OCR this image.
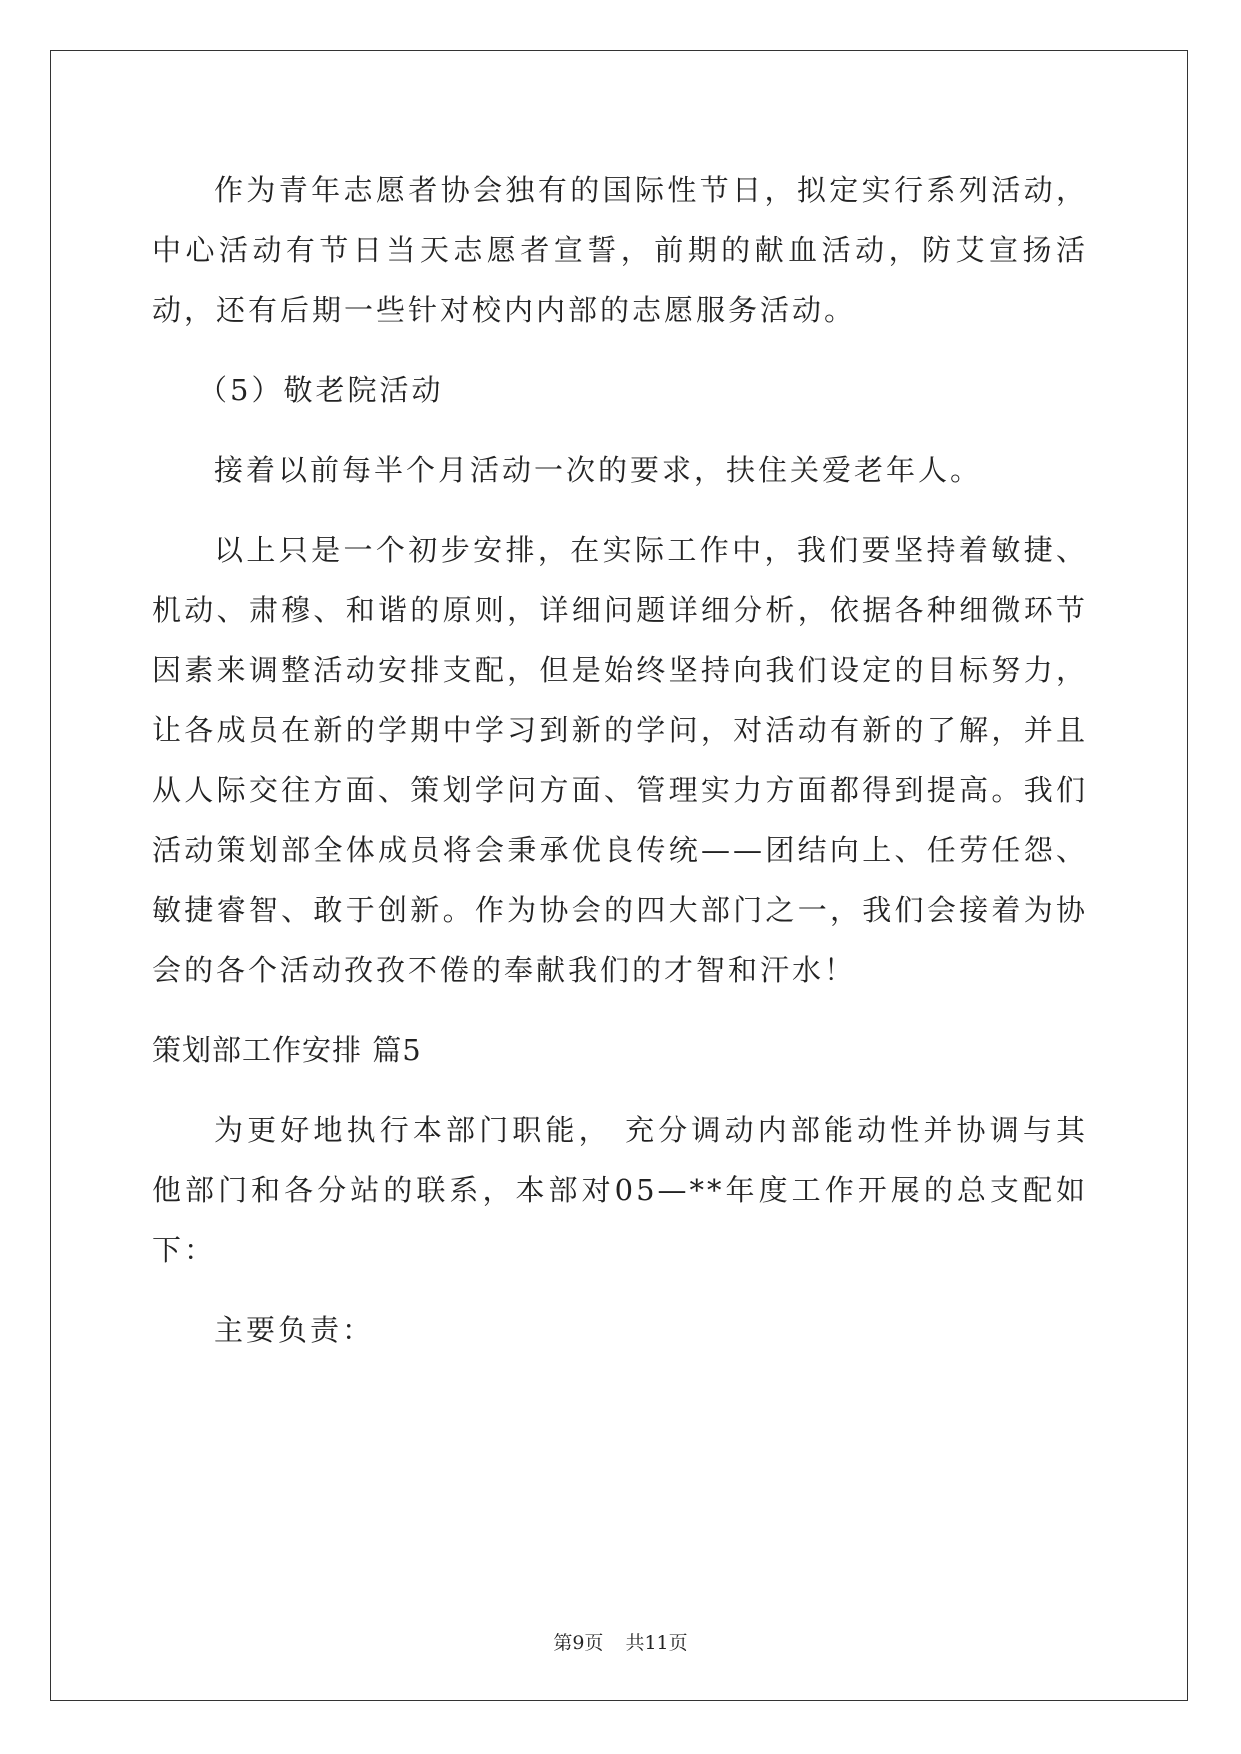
作为青年志愿者协会独有的国际性节日，拟定实行系列活动，中心活动有节日当天志愿者宣誓，前期的献血活动，防艾宣扬活动，还有后期一些针对校内内部的志愿服务活动。

（5）敬老院活动

接着以前每半个月活动一次的要求，扶住关爱老年人。

以上只是一个初步安排，在实际工作中，我们要坚持着敏捷、机动、肃穆、和谐的原则，详细问题详细分析，依据各种细微环节因素来调整活动安排支配，但是始终坚持向我们设定的目标努力，让各成员在新的学期中学习到新的学问，对活动有新的了解，并且从人际交往方面、策划学问方面、管理实力方面都得到提高。我们活动策划部全体成员将会秉承优良传统——团结向上、任劳任怨、敏捷睿智、敢于创新。作为协会的四大部门之一，我们会接着为协会的各个活动孜孜不倦的奉献我们的才智和汗水！

策划部工作安排 篇5

为更好地执行本部门职能， 充分调动内部能动性并协调与其他部门和各分站的联系，本部对05—**年度工作开展的总支配如下：

主要负责：

第9页 共11页
